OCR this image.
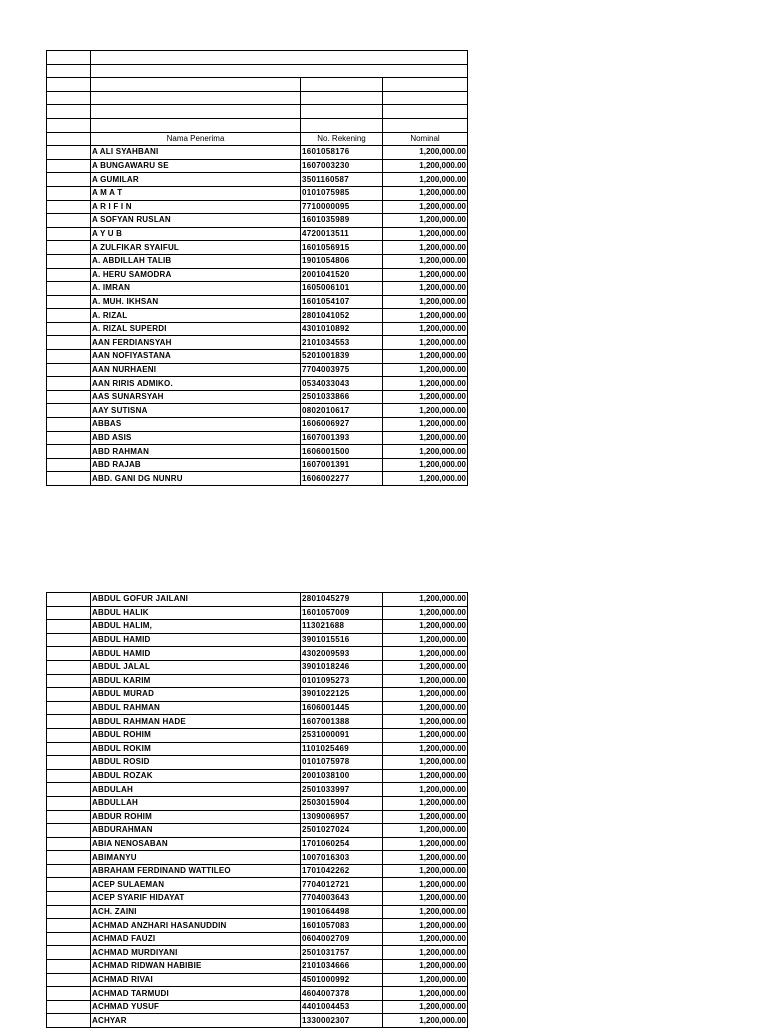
	Nama Penerima	No. Rekening	Nominal
	A ALI SYAHBANI	1601058176	1,200,000.00
	A BUNGAWARU SE	1607003230	1,200,000.00
	A GUMILAR	3501160587	1,200,000.00
	A M A T	0101075985	1,200,000.00
	A R I F I N	7710000095	1,200,000.00
	A SOFYAN RUSLAN	1601035989	1,200,000.00
	A Y U B	4720013511	1,200,000.00
	A ZULFIKAR SYAIFUL	1601056915	1,200,000.00
	A. ABDILLAH TALIB	1901054806	1,200,000.00
	A. HERU SAMODRA	2001041520	1,200,000.00
	A. IMRAN	1605006101	1,200,000.00
	A. MUH. IKHSAN	1601054107	1,200,000.00
	A. RIZAL	2801041052	1,200,000.00
	A. RIZAL SUPERDI	4301010892	1,200,000.00
	AAN FERDIANSYAH	2101034553	1,200,000.00
	AAN NOFIYASTANA	5201001839	1,200,000.00
	AAN NURHAENI	7704003975	1,200,000.00
	AAN RIRIS ADMIKO.	0534033043	1,200,000.00
	AAS SUNARSYAH	2501033866	1,200,000.00
	AAY SUTISNA	0802010617	1,200,000.00
	ABBAS	1606006927	1,200,000.00
	ABD ASIS	1607001393	1,200,000.00
	ABD RAHMAN	1606001500	1,200,000.00
	ABD RAJAB	1607001391	1,200,000.00
	ABD. GANI DG NUNRU	1606002277	1,200,000.00
	ABDUL GOFUR JAILANI	2801045279	1,200,000.00
	ABDUL HALIK	1601057009	1,200,000.00
	ABDUL HALIM,	113021688	1,200,000.00
	ABDUL HAMID	3901015516	1,200,000.00
	ABDUL HAMID	4302009593	1,200,000.00
	ABDUL JALAL	3901018246	1,200,000.00
	ABDUL KARIM	0101095273	1,200,000.00
	ABDUL MURAD	3901022125	1,200,000.00
	ABDUL RAHMAN	1606001445	1,200,000.00
	ABDUL RAHMAN HADE	1607001388	1,200,000.00
	ABDUL ROHIM	2531000091	1,200,000.00
	ABDUL ROKIM	1101025469	1,200,000.00
	ABDUL ROSID	0101075978	1,200,000.00
	ABDUL ROZAK	2001038100	1,200,000.00
	ABDULAH	2501033997	1,200,000.00
	ABDULLAH	2503015904	1,200,000.00
	ABDUR ROHIM	1309006957	1,200,000.00
	ABDURAHMAN	2501027024	1,200,000.00
	ABIA NENOSABAN	1701060254	1,200,000.00
	ABIMANYU	1007016303	1,200,000.00
	ABRAHAM FERDINAND WATTILEO	1701042262	1,200,000.00
	ACEP SULAEMAN	7704012721	1,200,000.00
	ACEP SYARIF HIDAYAT	7704003643	1,200,000.00
	ACH. ZAINI	1901064498	1,200,000.00
	ACHMAD ANZHARI HASANUDDIN	1601057083	1,200,000.00
	ACHMAD FAUZI	0604002709	1,200,000.00
	ACHMAD MURDIYANI	2501031757	1,200,000.00
	ACHMAD RIDWAN HABIBIE	2101034666	1,200,000.00
	ACHMAD RIVAI	4501000992	1,200,000.00
	ACHMAD TARMUDI	4604007378	1,200,000.00
	ACHMAD YUSUF	4401004453	1,200,000.00
	ACHYAR	1330002307	1,200,000.00
